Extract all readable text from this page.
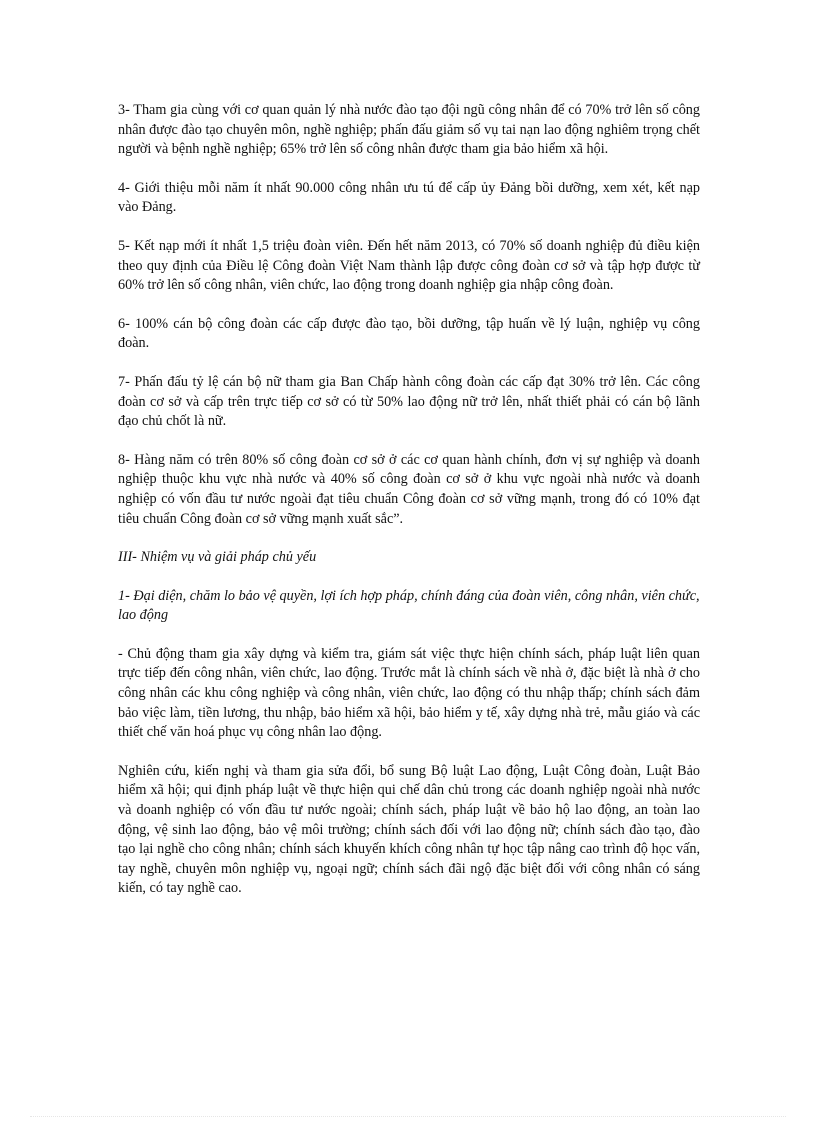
3- Tham gia cùng với cơ quan quản lý nhà nước đào tạo đội ngũ công nhân để có 70% trở lên số công nhân được đào tạo chuyên môn, nghề nghiệp; phấn đấu giảm số vụ tai nạn lao động nghiêm trọng chết người và bệnh nghề nghiệp; 65% trở lên số công nhân được tham gia bảo hiểm xã hội.

4- Giới thiệu mỗi năm ít nhất 90.000 công nhân ưu tú để cấp ủy Đảng bồi dưỡng, xem xét, kết nạp vào Đảng.

5- Kết nạp mới ít nhất 1,5 triệu đoàn viên. Đến hết năm 2013, có 70% số doanh nghiệp đủ điều kiện theo quy định của Điều lệ Công đoàn Việt Nam thành lập được công đoàn cơ sở và tập hợp được từ 60% trở lên số công nhân, viên chức, lao động trong doanh nghiệp gia nhập công đoàn.

6- 100% cán bộ công đoàn các cấp được đào tạo, bồi dưỡng, tập huấn về lý luận, nghiệp vụ công đoàn.

7- Phấn đấu tỷ lệ cán bộ nữ tham gia Ban Chấp hành công đoàn các cấp đạt 30% trở lên. Các công đoàn cơ sở và cấp trên trực tiếp cơ sở có từ 50% lao động nữ trở lên, nhất thiết phải có cán bộ lãnh đạo chủ chốt là nữ.

8- Hàng năm có trên 80% số công đoàn cơ sở ở các cơ quan hành chính, đơn vị sự nghiệp và doanh nghiệp thuộc khu vực nhà nước và 40% số công đoàn cơ sở ở khu vực ngoài nhà nước và doanh nghiệp có vốn đầu tư nước ngoài đạt tiêu chuẩn Công đoàn cơ sở vững mạnh, trong đó có 10% đạt tiêu chuẩn Công đoàn cơ sở vững mạnh xuất sắc”.

III- Nhiệm vụ và giải pháp chủ yếu

1- Đại diện, chăm lo bảo vệ quyền, lợi ích hợp pháp, chính đáng của đoàn viên, công nhân, viên chức, lao động

- Chủ động tham gia xây dựng và kiểm tra, giám sát việc thực hiện chính sách, pháp luật liên quan trực tiếp đến công nhân, viên chức, lao động. Trước mắt là chính sách về nhà ở, đặc biệt là nhà ở cho công nhân các khu công nghiệp và công nhân, viên chức, lao động có thu nhập thấp; chính sách đảm bảo việc làm, tiền lương, thu nhập, bảo hiểm xã hội, bảo hiểm y tế, xây dựng nhà trẻ, mẫu giáo và các thiết chế văn hoá phục vụ công nhân lao động.

Nghiên cứu, kiến nghị và tham gia sửa đổi, bổ sung Bộ luật Lao động, Luật Công đoàn, Luật Bảo hiểm xã hội; qui định pháp luật về thực hiện qui chế dân chủ trong các doanh nghiệp ngoài nhà nước và doanh nghiệp có vốn đầu tư nước ngoài; chính sách, pháp luật về bảo hộ lao động, an toàn lao động, vệ sinh lao động, bảo vệ môi trường; chính sách đối với lao động nữ; chính sách đào tạo, đào tạo lại nghề cho công nhân; chính sách khuyến khích công nhân tự học tập nâng cao trình độ học vấn, tay nghề, chuyên môn nghiệp vụ, ngoại ngữ; chính sách đãi ngộ đặc biệt đối với công nhân có sáng kiến, có tay nghề cao.
